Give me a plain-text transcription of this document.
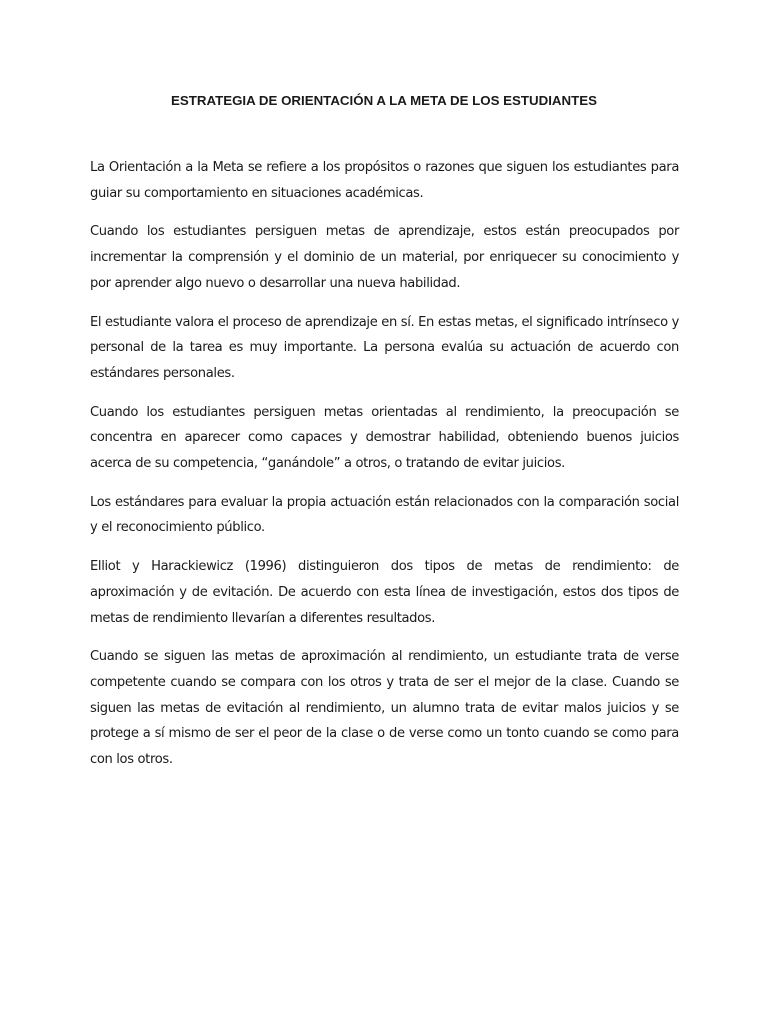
ESTRATEGIA DE ORIENTACIÓN A LA META DE LOS ESTUDIANTES

La Orientación a la Meta se refiere a los propósitos o razones que siguen los estudiantes para guiar su comportamiento en situaciones académicas.

Cuando los estudiantes persiguen metas de aprendizaje, estos están preocupados por incrementar la comprensión y el dominio de un material, por enriquecer su conocimiento y por aprender algo nuevo o desarrollar una nueva habilidad.

El estudiante valora el proceso de aprendizaje en sí. En estas metas, el significado intrínseco y personal de la tarea es muy importante. La persona evalúa su actuación de acuerdo con estándares personales.

Cuando los estudiantes persiguen metas orientadas al rendimiento, la preocupación se concentra en aparecer como capaces y demostrar habilidad, obteniendo buenos juicios acerca de su competencia, “ganándole” a otros, o tratando de evitar juicios.

Los estándares para evaluar la propia actuación están relacionados con la comparación social y el reconocimiento público.

Elliot y Harackiewicz (1996) distinguieron dos tipos de metas de rendimiento: de aproximación y de evitación. De acuerdo con esta línea de investigación, estos dos tipos de metas de rendimiento llevarían a diferentes resultados.

Cuando se siguen las metas de aproximación al rendimiento, un estudiante trata de verse competente cuando se compara con los otros y trata de ser el mejor de la clase. Cuando se siguen las metas de evitación al rendimiento, un alumno trata de evitar malos juicios y se protege a sí mismo de ser el peor de la clase o de verse como un tonto cuando se como para con los otros.
